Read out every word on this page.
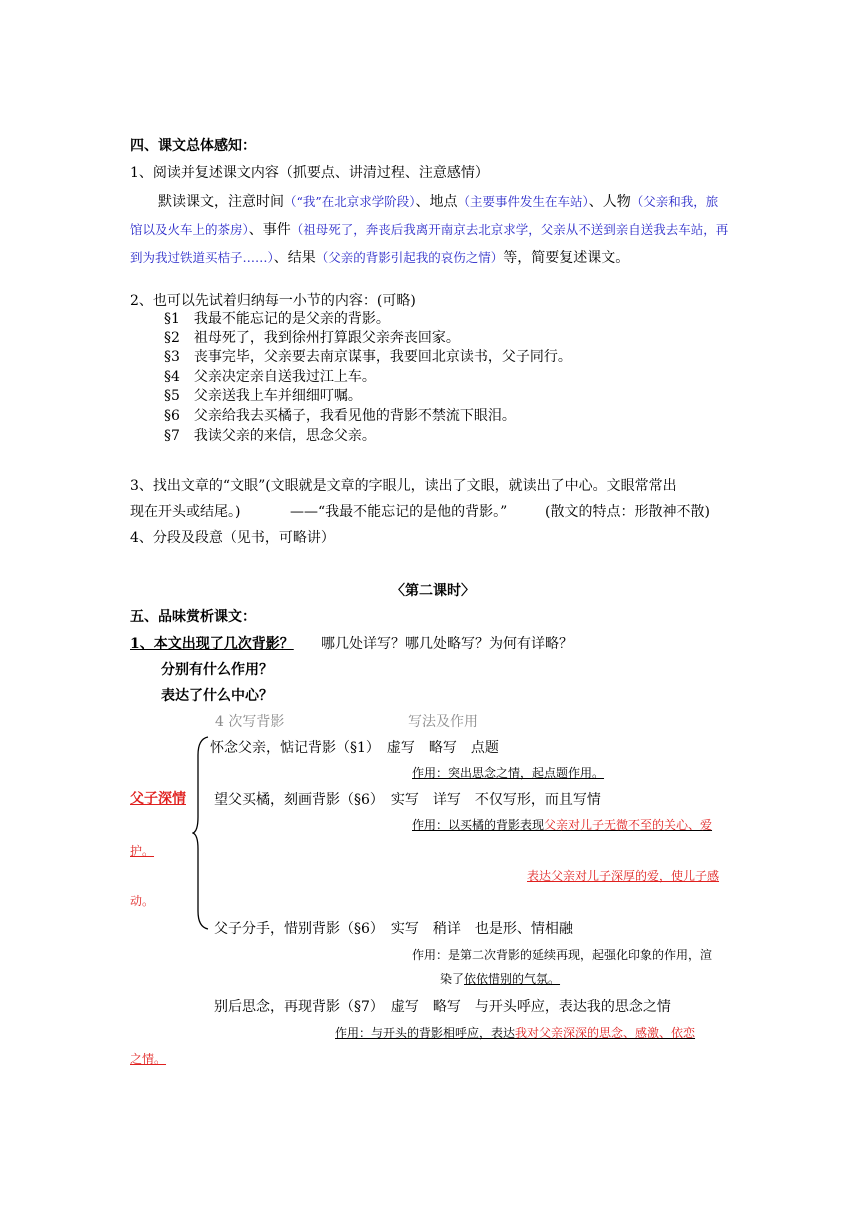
四、课文总体感知：
1、阅读并复述课文内容（抓要点、讲清过程、注意感情）
默读课文，注意时间（“我”在北京求学阶段）、地点（主要事件发生在车站）、人物（父亲和我，旅馆以及火车上的茶房）、事件（祖母死了，奔丧后我离开南京去北京求学，父亲从不送到亲自送我去车站，再到为我过铁道买桔子……）、结果（父亲的背影引起我的哀伤之情）等，简要复述课文。
2、也可以先试着归纳每一小节的内容：(可略)
§1　我最不能忘记的是父亲的背影。
§2　祖母死了，我到徐州打算跟父亲奔丧回家。
§3　丧事完毕，父亲要去南京谋事，我要回北京读书，父子同行。
§4　父亲决定亲自送我过江上车。
§5　父亲送我上车并细细叮嘱。
§6　父亲给我去买橘子，我看见他的背影不禁流下眼泪。
§7　我读父亲的来信，思念父亲。
3、找出文章的“文眼”(文眼就是文章的字眼儿，读出了文眼，就读出了中心。文眼常常出
现在开头或结尾。)	——“我最不能忘记的是他的背影。”	(散文的特点：形散神不散)
4、分段及段意（见书，可略讲）
〈第二课时〉
五、品味赏析课文：
1、本文出现了几次背影？ 哪几处详写？哪几处略写？为何有详略？
分别有什么作用？
表达了什么中心？
4 次写背影	写法及作用
父子深情
怀念父亲，惦记背影（§1）　虚写　略写　点题
作用：突出思念之情，起点题作用。
望父买橘，刻画背影（§6）　实写　详写　不仅写形，而且写情
作用：以买橘的背影表现父亲对儿子无微不至的关心、爱
护。
表达父亲对儿子深厚的爱，使儿子感
动。
父子分手，惜别背影（§6）　实写　稍详　也是形、情相融
作用：是第二次背影的延续再现，起强化印象的作用，渲
染了依依惜别的气氛。
别后思念，再现背影（§7）　虚写　略写　与开头呼应，表达我的思念之情
作用：与开头的背影相呼应，表达我对父亲深深的思念、感激、依恋
之情。
